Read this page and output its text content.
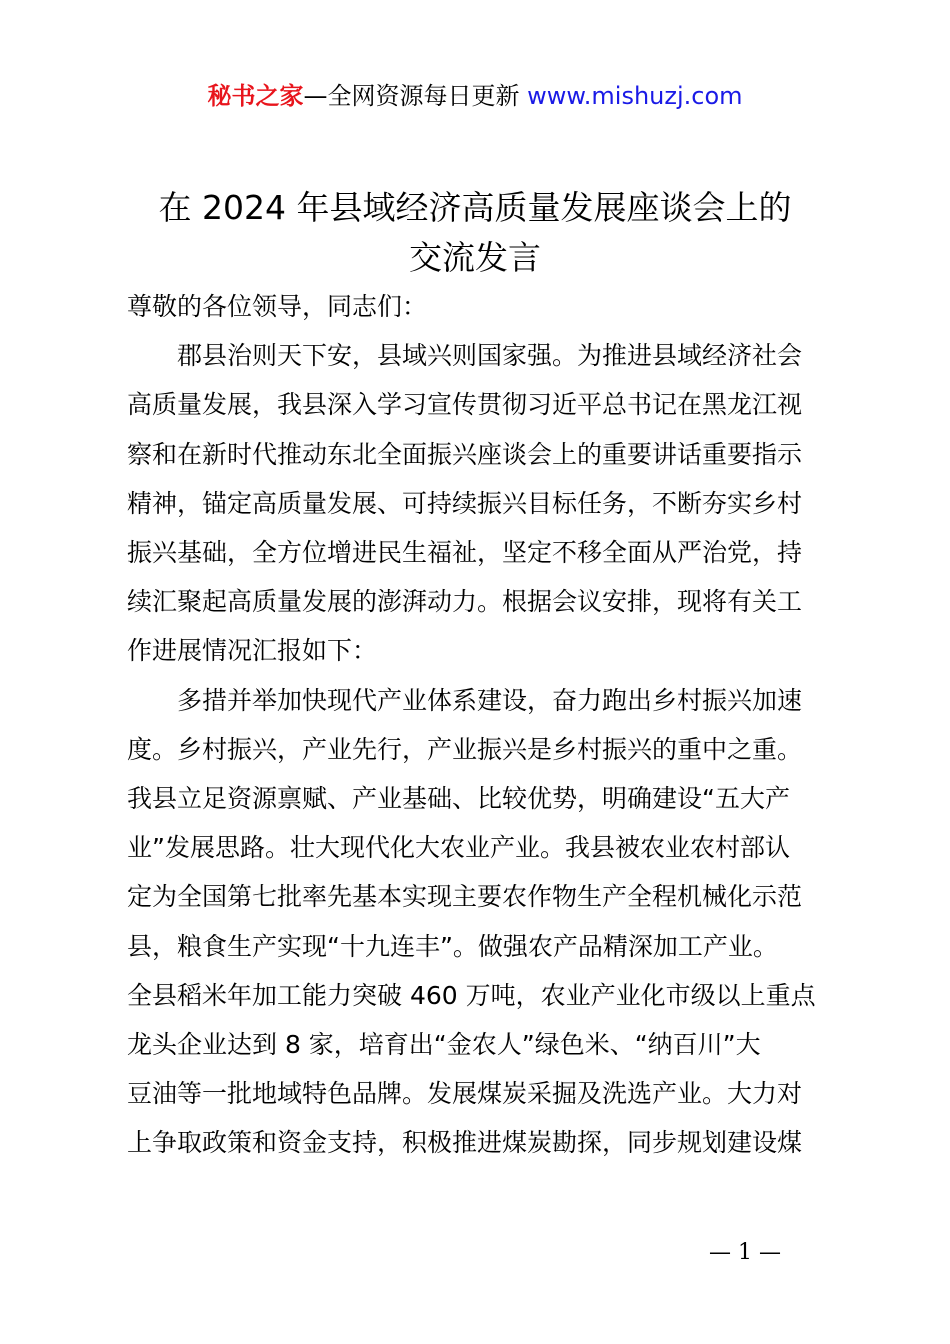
秘书之家—全网资源每日更新 www.mishuzj.com
在 2024 年县域经济高质量发展座谈会上的
交流发言

尊敬的各位领导，同志们：

　　郡县治则天下安，县域兴则国家强。为推进县域经济社会
高质量发展，我县深入学习宣传贯彻习近平总书记在黑龙江视
察和在新时代推动东北全面振兴座谈会上的重要讲话重要指示
精神，锚定高质量发展、可持续振兴目标任务，不断夯实乡村
振兴基础，全方位增进民生福祉，坚定不移全面从严治党，持
续汇聚起高质量发展的澎湃动力。根据会议安排，现将有关工
作进展情况汇报如下：

　　多措并举加快现代产业体系建设，奋力跑出乡村振兴加速
度。乡村振兴，产业先行，产业振兴是乡村振兴的重中之重。
我县立足资源禀赋、产业基础、比较优势，明确建设“五大产
业”发展思路。壮大现代化大农业产业。我县被农业农村部认
定为全国第七批率先基本实现主要农作物生产全程机械化示范
县，粮食生产实现“十九连丰”。做强农产品精深加工产业。
全县稻米年加工能力突破 460 万吨，农业产业化市级以上重点
龙头企业达到 8 家，培育出“金农人”绿色米、“纳百川”大
豆油等一批地域特色品牌。发展煤炭采掘及洗选产业。大力对
上争取政策和资金支持，积极推进煤炭勘探，同步规划建设煤

— 1 —
